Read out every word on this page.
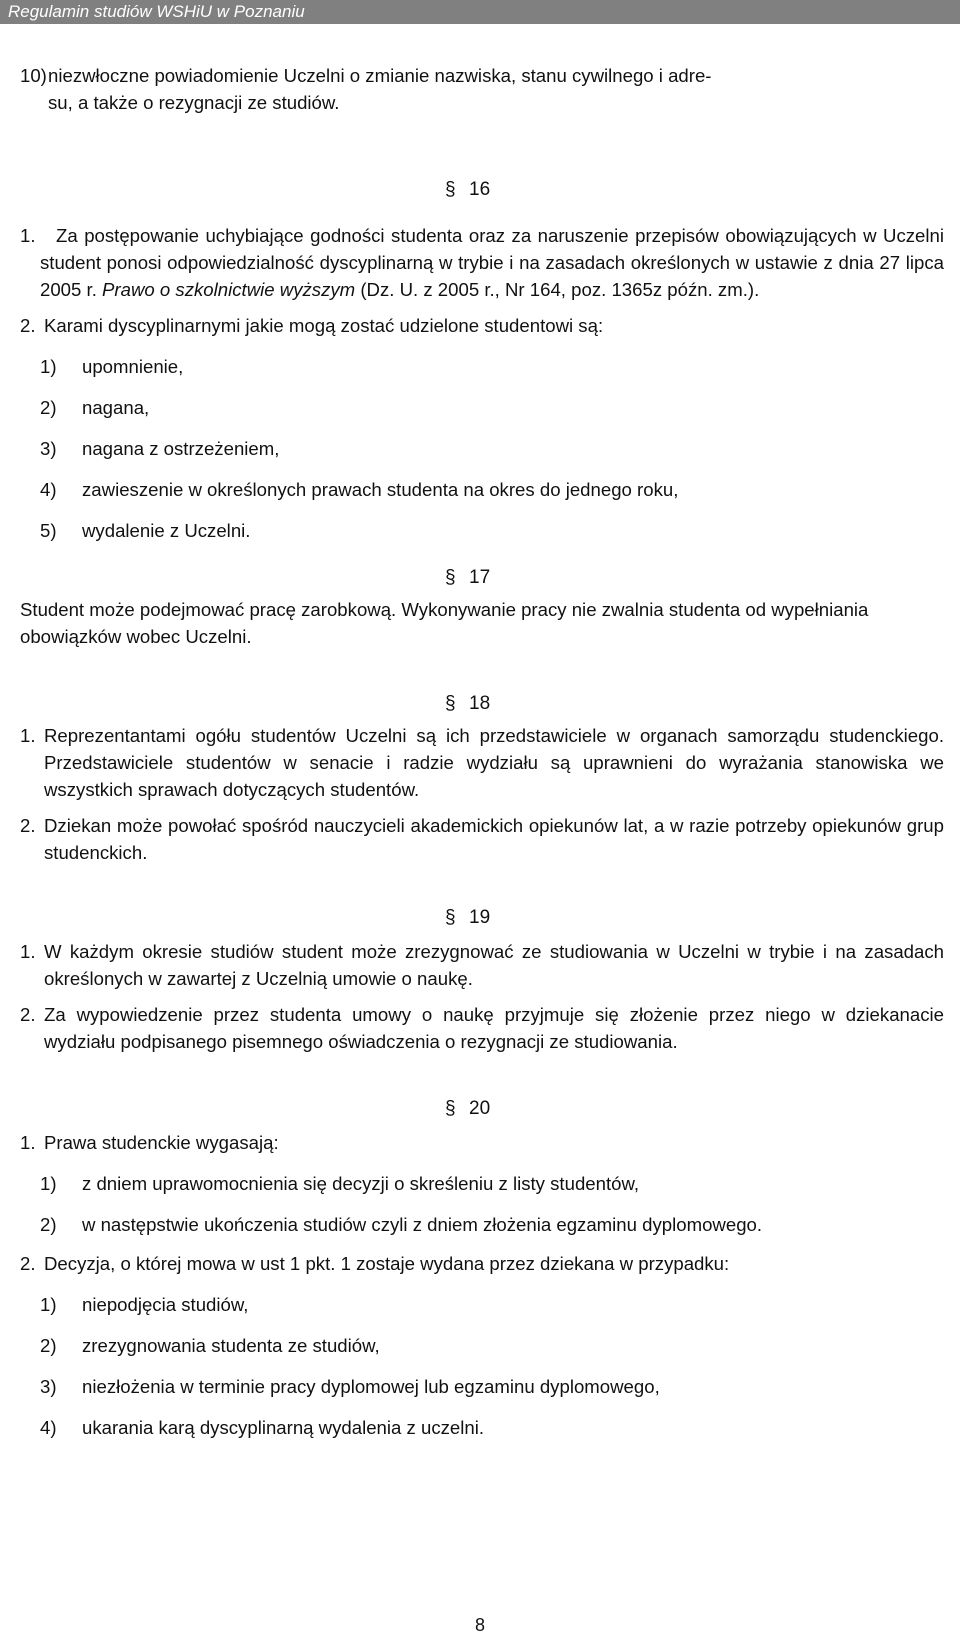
Regulamin studiów WSHiU w Poznaniu
10) niezwłoczne powiadomienie Uczelni o zmianie nazwiska, stanu cywilnego i adre-
su, a także o rezygnacji ze studiów.
§ 16
1.	Za postępowanie uchybiające godności studenta oraz za naruszenie przepisów obowiązujących w Uczelni student ponosi odpowiedzialność dyscyplinarną w trybie i na zasadach określonych w ustawie z dnia 27 lipca 2005 r. Prawo o szkolnictwie wyższym (Dz. U. z 2005 r., Nr 164, poz. 1365z późn. zm.).
2. Karami dyscyplinarnymi jakie mogą zostać udzielone studentowi są:
1)	upomnienie,
2)	nagana,
3)	nagana z ostrzeżeniem,
4)	zawieszenie w określonych prawach studenta na okres do jednego roku,
5)	wydalenie z Uczelni.
§ 17
Student może podejmować pracę zarobkową. Wykonywanie pracy nie zwalnia studenta od wypełniania obowiązków wobec Uczelni.
§ 18
1. Reprezentantami ogółu studentów Uczelni są ich przedstawiciele w organach samorządu studenckiego. Przedstawiciele studentów w senacie i radzie wydziału są uprawnieni do wyrażania stanowiska we wszystkich sprawach dotyczących studentów.
2. Dziekan może powołać spośród nauczycieli akademickich opiekunów lat, a w razie potrzeby opiekunów grup studenckich.
§ 19
1. W każdym okresie studiów student może zrezygnować ze studiowania w Uczelni w trybie i na zasadach określonych w zawartej z Uczelnią umowie o naukę.
2. Za wypowiedzenie przez studenta umowy o naukę przyjmuje się złożenie przez niego w dziekanacie wydziału podpisanego pisemnego oświadczenia o rezygnacji ze studiowania.
§ 20
1. Prawa studenckie wygasają:
1)	z dniem uprawomocnienia się decyzji o skreśleniu z listy studentów,
2)	w następstwie ukończenia studiów czyli z dniem złożenia egzaminu dyplomowego.
2. Decyzja, o której mowa w ust 1 pkt. 1 zostaje wydana przez dziekana w przypadku:
1)	niepodjęcia studiów,
2)	zrezygnowania studenta ze studiów,
3)	niezłożenia w terminie pracy dyplomowej lub egzaminu dyplomowego,
4)	ukarania karą dyscyplinarną wydalenia z uczelni.
8
